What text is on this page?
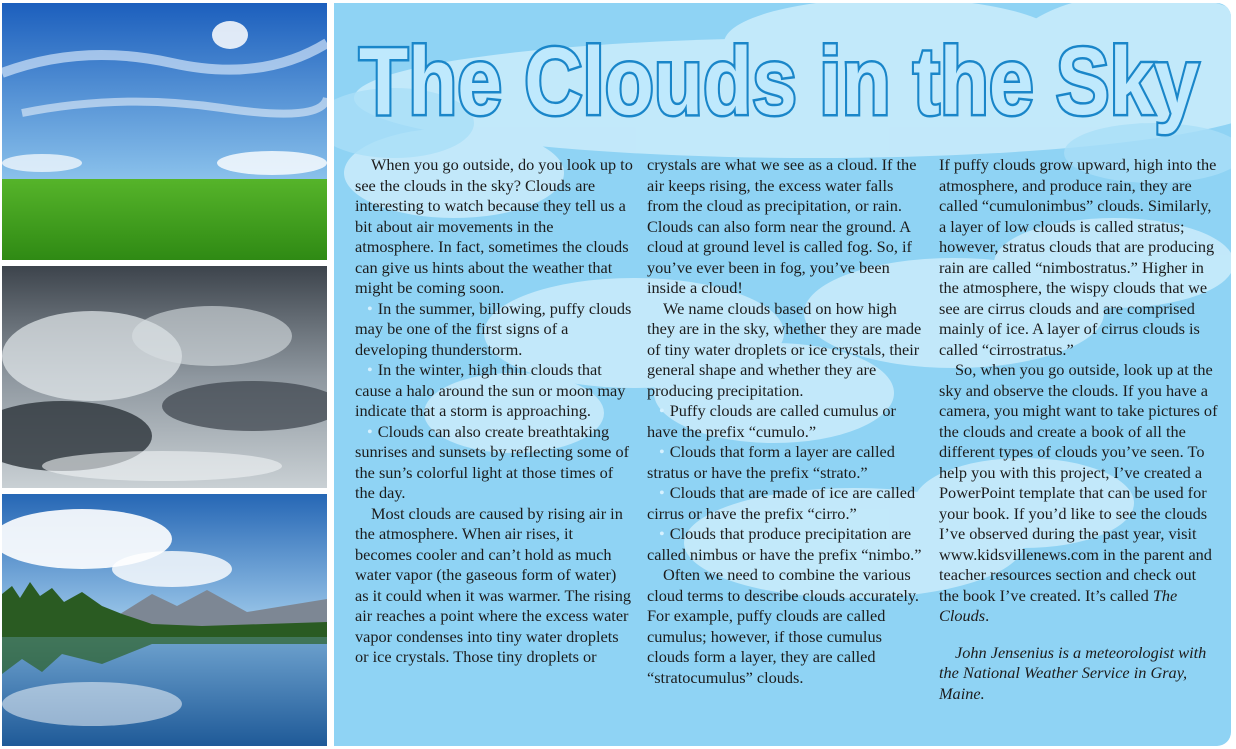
The Clouds in the Sky

When you go outside, do you look up to see the clouds in the sky? Clouds are interesting to watch because they tell us a bit about air movements in the atmosphere. In fact, sometimes the clouds can give us hints about the weather that might be coming soon.

• In the summer, billowing, puffy clouds may be one of the first signs of a developing thunderstorm.

• In the winter, high thin clouds that cause a halo around the sun or moon may indicate that a storm is approaching.

• Clouds can also create breathtaking sunrises and sunsets by reflecting some of the sun’s colorful light at those times of the day.

Most clouds are caused by rising air in the atmosphere. When air rises, it becomes cooler and can’t hold as much water vapor (the gaseous form of water) as it could when it was warmer. The rising air reaches a point where the excess water vapor condenses into tiny water droplets or ice crystals. Those tiny droplets or

crystals are what we see as a cloud. If the air keeps rising, the excess water falls from the cloud as precipitation, or rain. Clouds can also form near the ground. A cloud at ground level is called fog. So, if you’ve ever been in fog, you’ve been inside a cloud!

We name clouds based on how high they are in the sky, whether they are made of tiny water droplets or ice crystals, their general shape and whether they are producing precipitation.

• Puffy clouds are called cumulus or have the prefix “cumulo.”

• Clouds that form a layer are called stratus or have the prefix “strato.”

• Clouds that are made of ice are called cirrus or have the prefix “cirro.”

• Clouds that produce precipitation are called nimbus or have the prefix “nimbo.”

Often we need to combine the various cloud terms to describe clouds accurately. For example, puffy clouds are called cumulus; however, if those cumulus clouds form a layer, they are called “stratocumulus” clouds.

If puffy clouds grow upward, high into the atmosphere, and produce rain, they are called “cumulonimbus” clouds. Similarly, a layer of low clouds is called stratus; however, stratus clouds that are producing rain are called “nimbostratus.” Higher in the atmosphere, the wispy clouds that we see are cirrus clouds and are comprised mainly of ice. A layer of cirrus clouds is called “cirrostratus.”

So, when you go outside, look up at the sky and observe the clouds. If you have a camera, you might want to take pictures of the clouds and create a book of all the different types of clouds you’ve seen. To help you with this project, I’ve created a PowerPoint template that can be used for your book. If you’d like to see the clouds I’ve observed during the past year, visit www.kidsvillenews.com in the parent and teacher resources section and check out the book I’ve created. It’s called The Clouds.

John Jensenius is a meteorologist with the National Weather Service in Gray, Maine.
